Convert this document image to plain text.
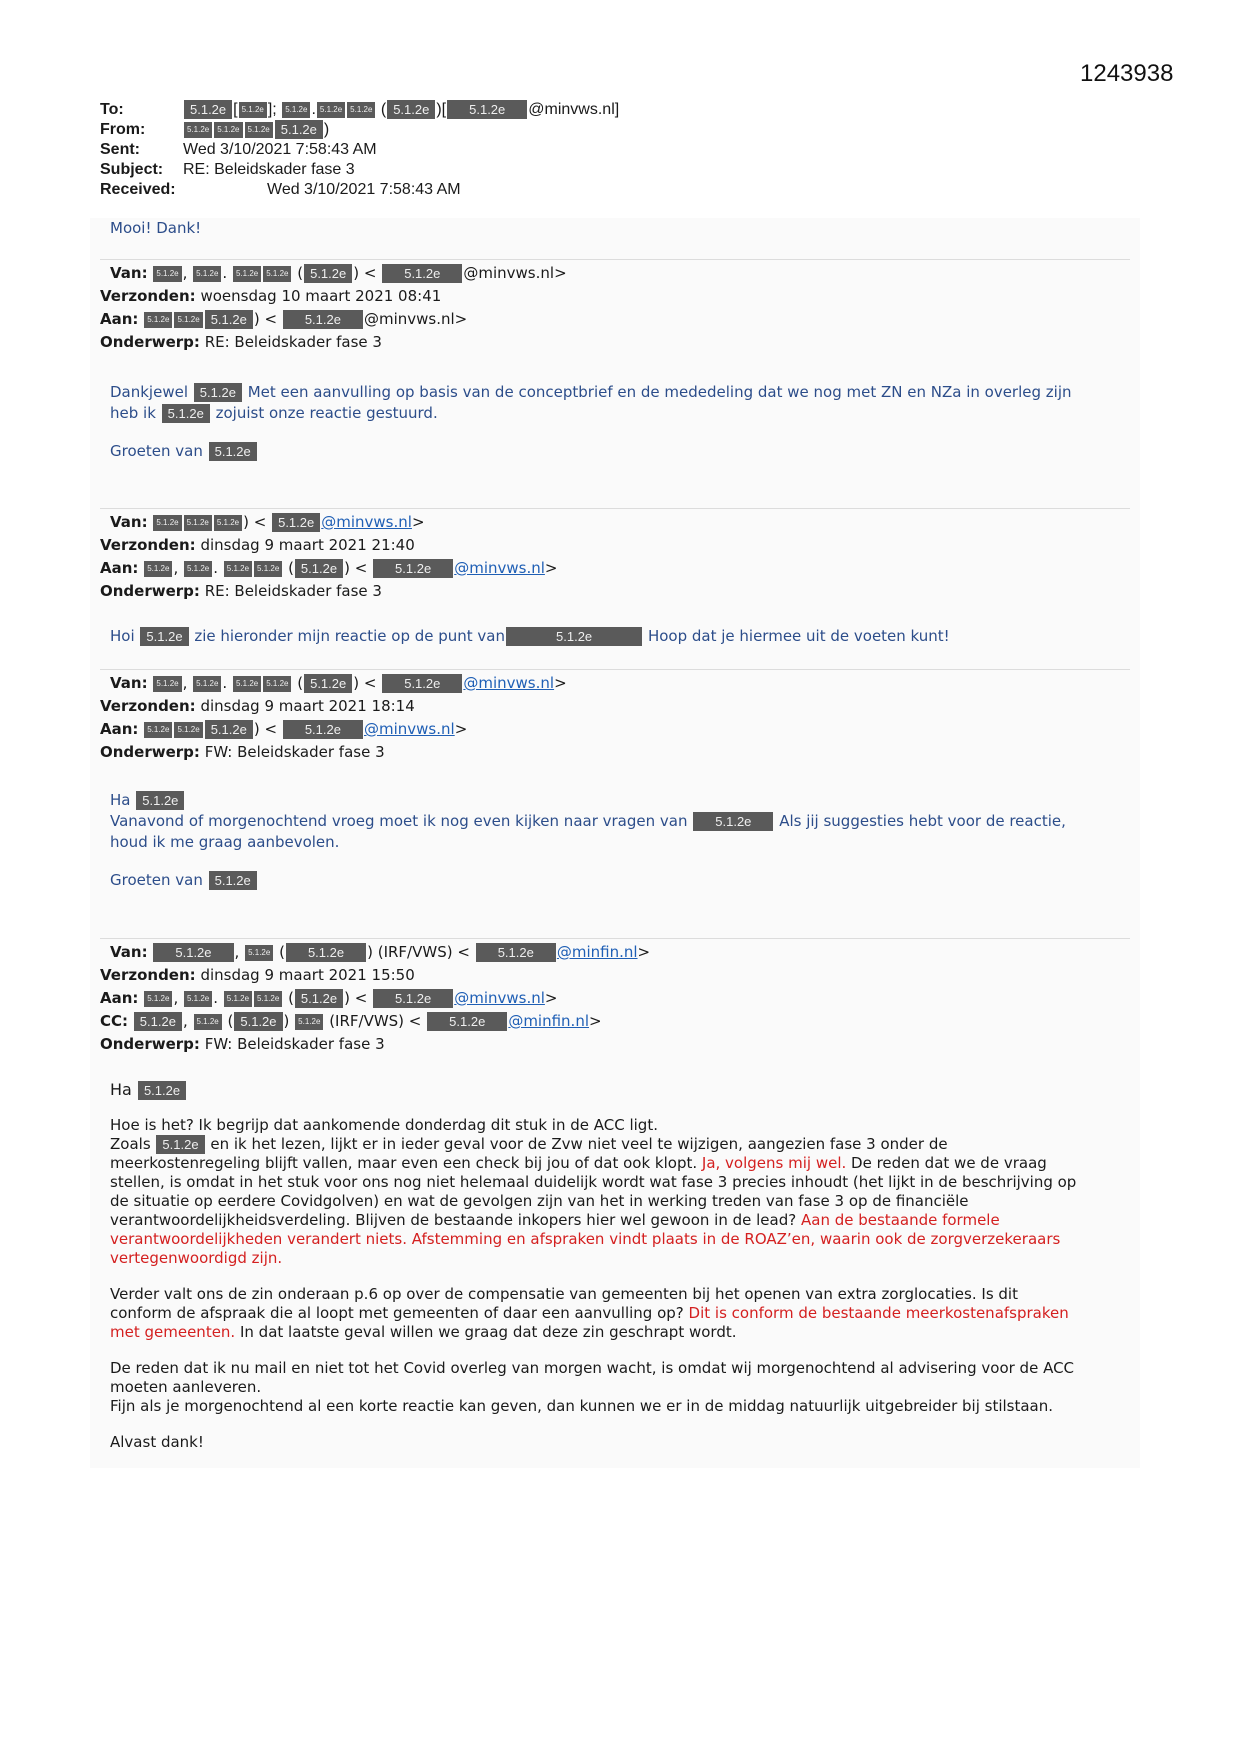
1243938
To:	5.1.2e [ 5.1.2e ]; 5.1.2e . 5.1.2e 5.1.2e ( 5.1.2e )[ 5.1.2e @minvws.nl]
From:	5.1.2e 5.1.2e 5.1.2e 5.1.2e )
Sent:	Wed 3/10/2021 7:58:43 AM
Subject:	RE: Beleidskader fase 3
Received:	Wed 3/10/2021 7:58:43 AM

Mooi! Dank!

Van: 5.1.2e , 5.1.2e . 5.1.2e 5.1.2e ( 5.1.2e ) < 5.1.2e @minvws.nl>
Verzonden: woensdag 10 maart 2021 08:41
Aan: 5.1.2e 5.1.2e 5.1.2e ) < 5.1.2e @minvws.nl>
Onderwerp: RE: Beleidskader fase 3

Dankjewel 5.1.2e Met een aanvulling op basis van de conceptbrief en de mededeling dat we nog met ZN en NZa in overleg zijn

heb ik 5.1.2e zojuist onze reactie gestuurd.

Groeten van 5.1.2e

Van: 5.1.2e 5.1.2e 5.1.2e ) < 5.1.2e @minvws.nl>
Verzonden: dinsdag 9 maart 2021 21:40
Aan: 5.1.2e , 5.1.2e . 5.1.2e 5.1.2e ( 5.1.2e ) < 5.1.2e @minvws.nl>
Onderwerp: RE: Beleidskader fase 3

Hoi 5.1.2e zie hieronder mijn reactie op de punt van	5.1.2e	Hoop dat je hiermee uit de voeten kunt!

Van: 5.1.2e , 5.1.2e . 5.1.2e 5.1.2e ( 5.1.2e ) < 5.1.2e @minvws.nl>
Verzonden: dinsdag 9 maart 2021 18:14
Aan: 5.1.2e 5.1.2e 5.1.2e ) < 5.1.2e @minvws.nl>
Onderwerp: FW: Beleidskader fase 3

Ha 5.1.2e

Vanavond of morgenochtend vroeg moet ik nog even kijken naar vragen van 5.1.2e Als jij suggesties hebt voor de reactie,

houd ik me graag aanbevolen.

Groeten van 5.1.2e

Van: 5.1.2e , 5.1.2e ( 5.1.2e ) (IRF/VWS) < 5.1.2e @minfin.nl>
Verzonden: dinsdag 9 maart 2021 15:50
Aan: 5.1.2e , 5.1.2e . 5.1.2e 5.1.2e ( 5.1.2e ) < 5.1.2e @minvws.nl>
CC: 5.1.2e , 5.1.2e ( 5.1.2e ) 5.1.2e (IRF/VWS) < 5.1.2e @minfin.nl>
Onderwerp: FW: Beleidskader fase 3

Ha 5.1.2e

Hoe is het? Ik begrijp dat aankomende donderdag dit stuk in de ACC ligt.

Zoals 5.1.2e en ik het lezen, lijkt er in ieder geval voor de Zvw niet veel te wijzigen, aangezien fase 3 onder de

meerkostenregeling blijft vallen, maar even een check bij jou of dat ook klopt. Ja, volgens mij wel. De reden dat we de vraag

stellen, is omdat in het stuk voor ons nog niet helemaal duidelijk wordt wat fase 3 precies inhoudt (het lijkt in de beschrijving op

de situatie op eerdere Covidgolven) en wat de gevolgen zijn van het in werking treden van fase 3 op de financiële

verantwoordelijkheidsverdeling. Blijven de bestaande inkopers hier wel gewoon in de lead? Aan de bestaande formele

verantwoordelijkheden verandert niets. Afstemming en afspraken vindt plaats in de ROAZ’en, waarin ook de zorgverzekeraars

vertegenwoordigd zijn.

Verder valt ons de zin onderaan p.6 op over de compensatie van gemeenten bij het openen van extra zorglocaties. Is dit

conform de afspraak die al loopt met gemeenten of daar een aanvulling op? Dit is conform de bestaande meerkostenafspraken

met gemeenten. In dat laatste geval willen we graag dat deze zin geschrapt wordt.

De reden dat ik nu mail en niet tot het Covid overleg van morgen wacht, is omdat wij morgenochtend al advisering voor de ACC

moeten aanleveren.

Fijn als je morgenochtend al een korte reactie kan geven, dan kunnen we er in de middag natuurlijk uitgebreider bij stilstaan.

Alvast dank!
